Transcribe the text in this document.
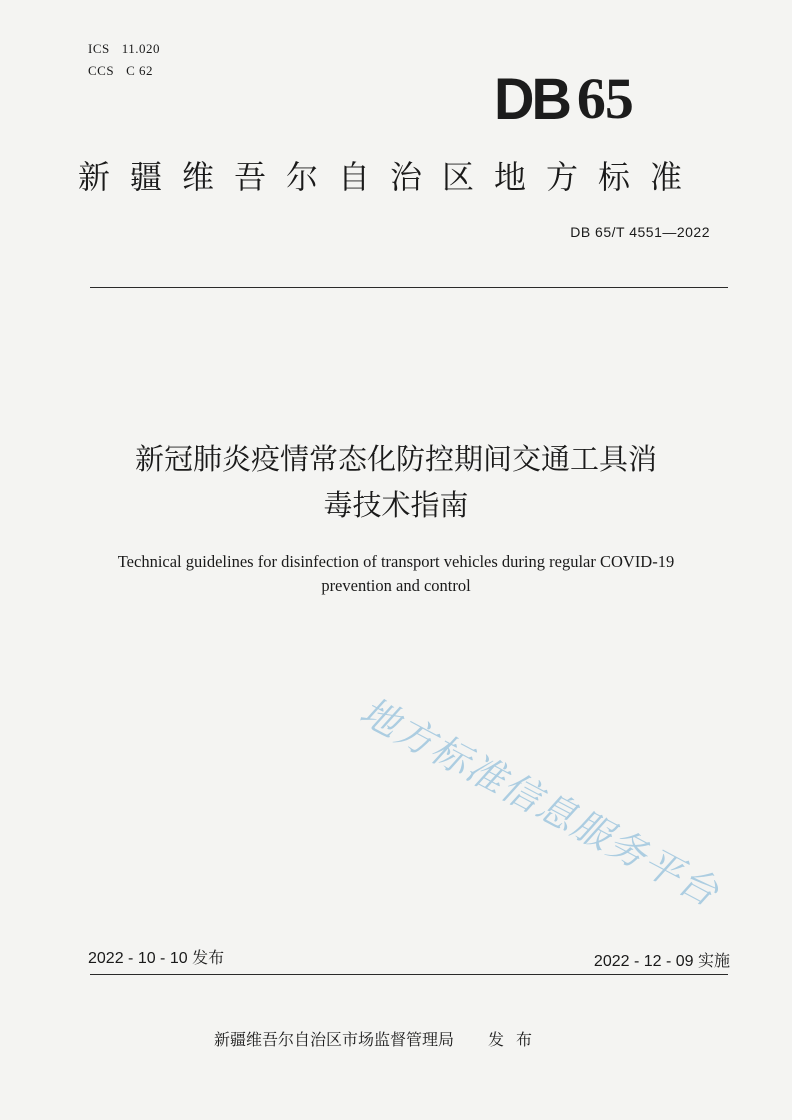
ICS 11.020
CCS C 62	DB 65
新疆维吾尔自治区地方标准
DB 65/T 4551—2022
新冠肺炎疫情常态化防控期间交通工具消
毒技术指南
Technical guidelines for disinfection of transport vehicles during regular COVID-19
prevention and control
地方标准信息服务平台
2022 - 10 - 10 发布	2022 - 12 - 09 实施
新疆维吾尔自治区市场监督管理局 发布
